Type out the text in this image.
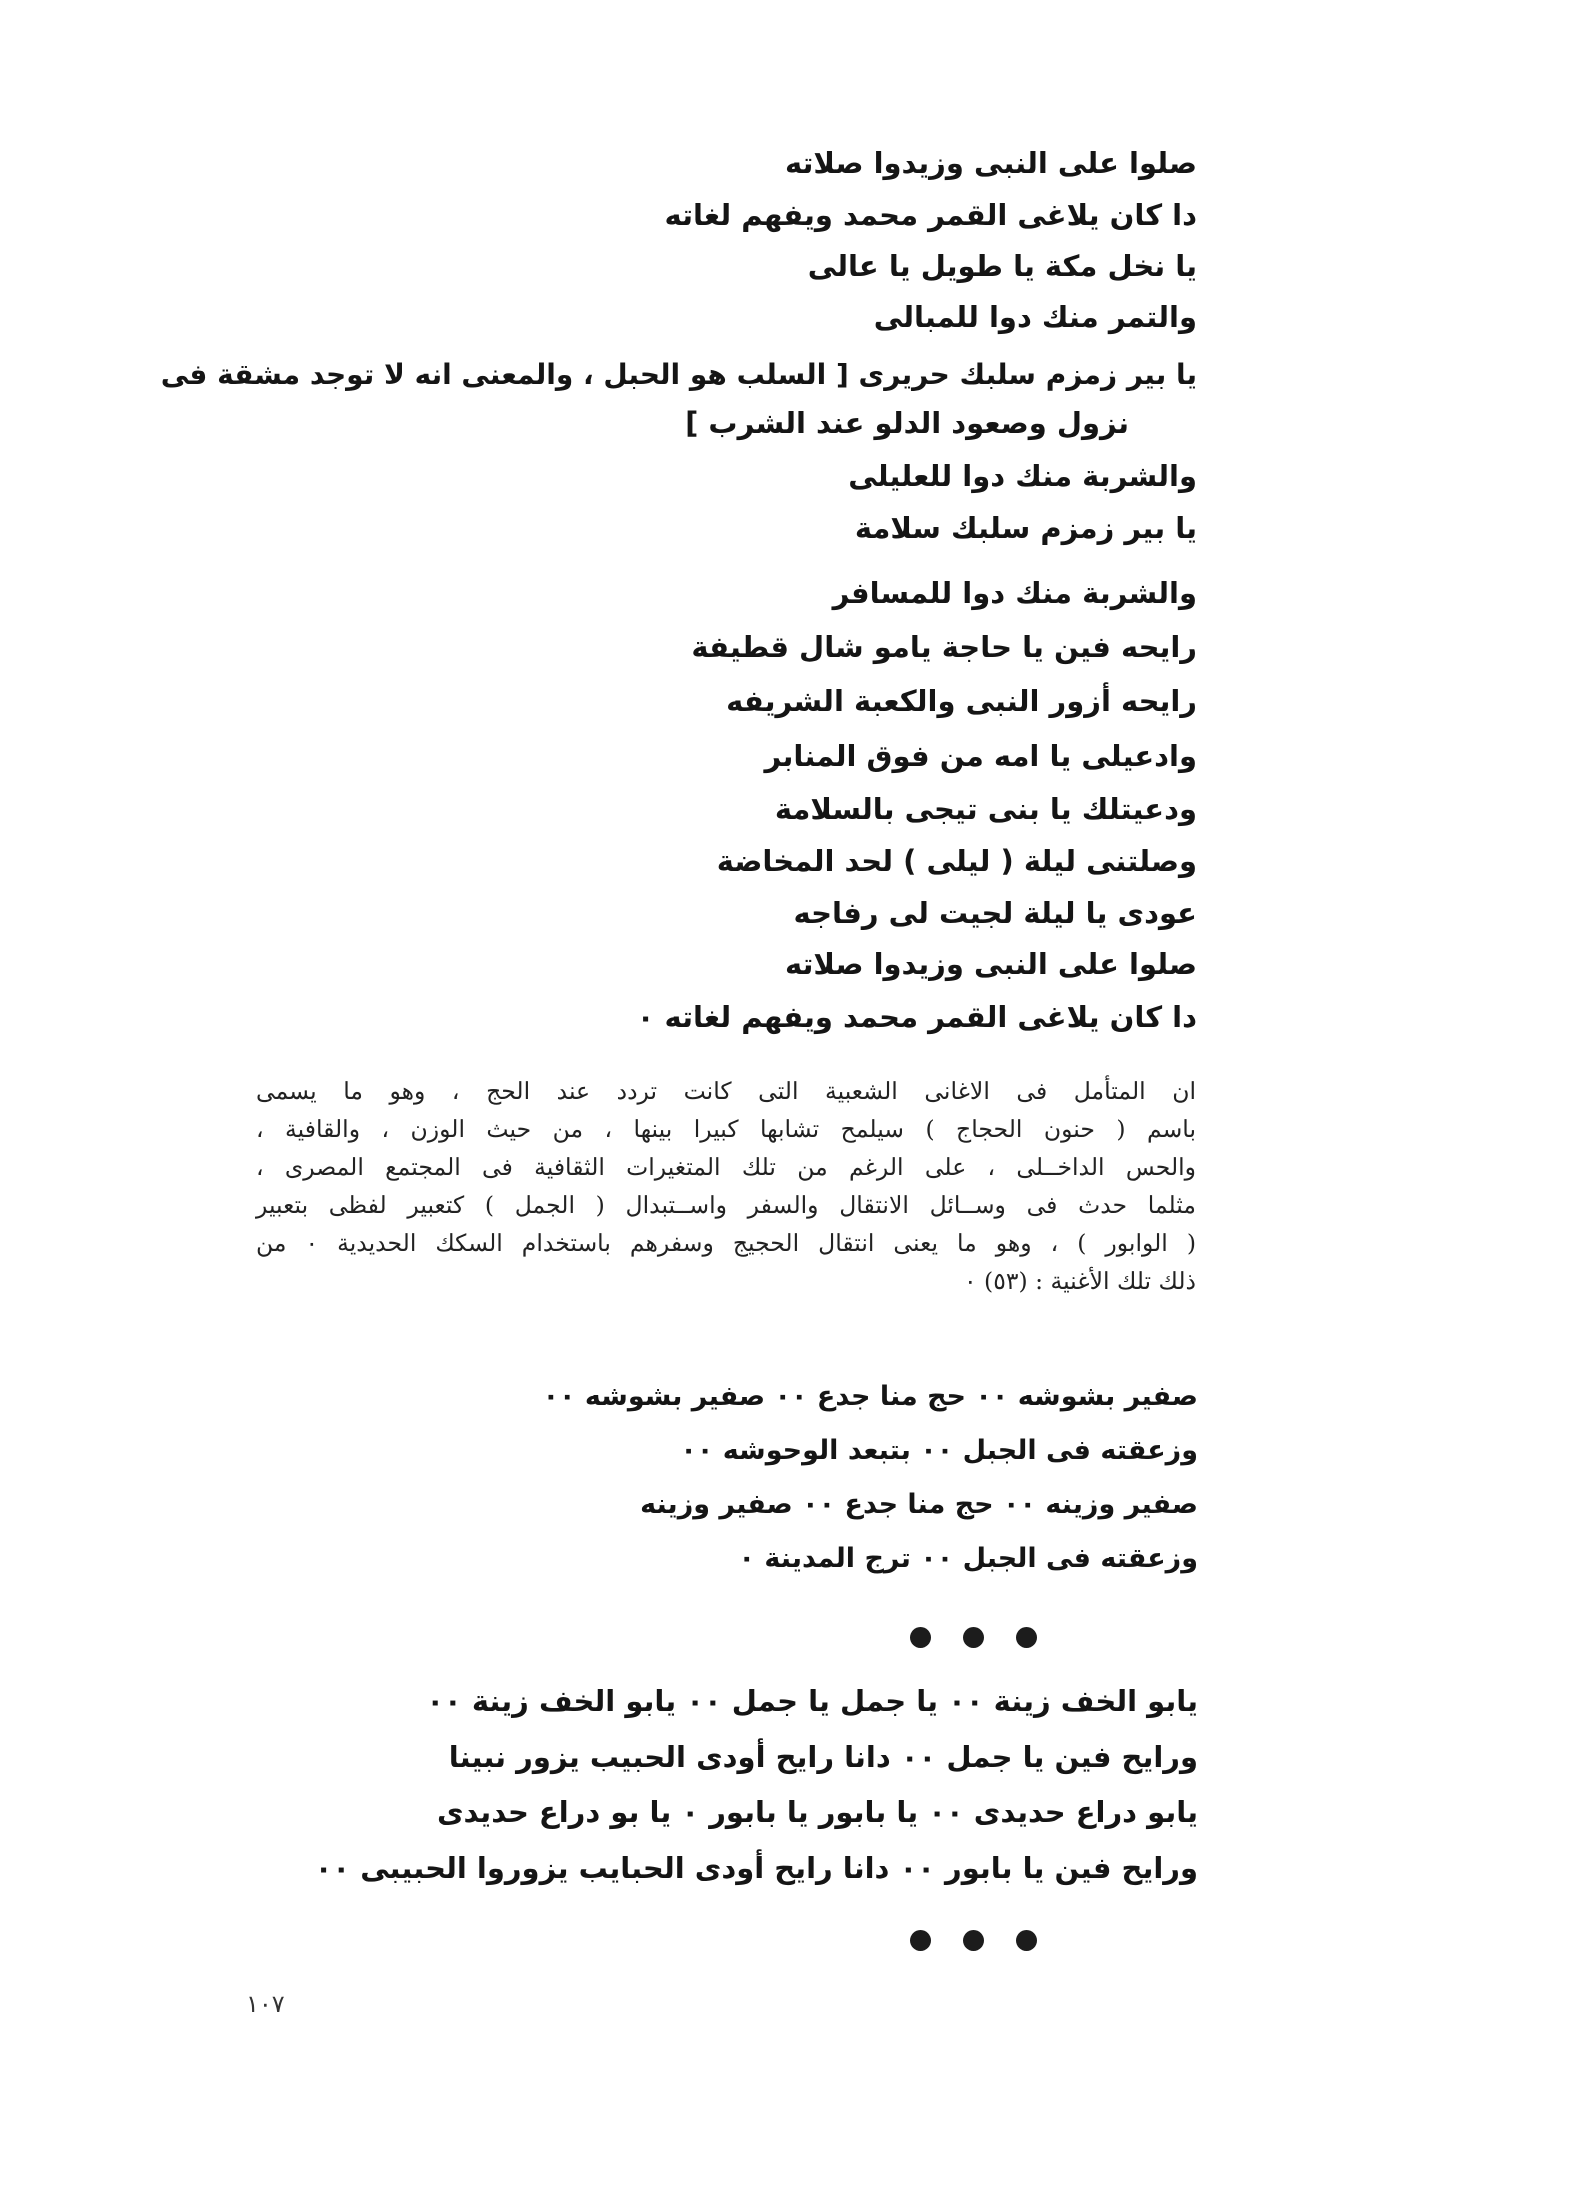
صلوا على النبى وزيدوا صلاته

دا كان يلاغى القمر محمد ويفهم لغاته

يا نخل مكة يا طويل يا عالى

والتمر منك دوا للمبالى

يا بير زمزم سلبك حريرى [ السلب هو الحبل ، والمعنى انه لا توجد مشقة فى

نزول وصعود الدلو عند الشرب ]

والشربة منك دوا للعليلى

يا بير زمزم سلبك سلامة

والشربة منك دوا للمسافر

رايحه فين يا حاجة يامو شال قطيفة

رايحه أزور النبى والكعبة الشريفه

وادعيلى يا امه من فوق المنابر

ودعيتلك يا بنى تيجى بالسلامة

وصلتنى ليلة ( ليلى ) لحد المخاضة

عودى يا ليلة لجيت لى رفاجه

صلوا على النبى وزيدوا صلاته

دا كان يلاغى القمر محمد ويفهم لغاته ٠

ان المتأمل فى الاغانى الشعبية التى كانت تردد عند الحج ، وهو ما يسمى

باسم ( حنون الحجاج ) سيلمح تشابها كبيرا بينها ، من حيث الوزن ، والقافية ،

والحس الداخــلى ، على الرغم من تلك المتغيرات الثقافية فى المجتمع المصرى ،

مثلما حدث فى وســائل الانتقال والسفر واســتبدال ( الجمل ) كتعبير لفظى بتعبير

( الوابور ) ، وهو ما يعنى انتقال الحجيج وسفرهم باستخدام السكك الحديدية ٠ من

ذلك تلك الأغنية : (٥٣) ٠

صفير بشوشه ٠٠ حج منا جدع ٠٠ صفير بشوشه ٠٠

وزعقته فى الجبل ٠٠ بتبعد الوحوشه ٠٠

صفير وزينه ٠٠ حج منا جدع ٠٠ صفير وزينه

وزعقته فى الجبل ٠٠ ترج المدينة ٠

يابو الخف زينة ٠٠ يا جمل يا جمل ٠٠ يابو الخف زينة ٠٠

ورايح فين يا جمل ٠٠ دانا رايح أودى الحبيب يزور نبينا

يابو دراع حديدى ٠٠ يا بابور يا بابور ٠ يا بو دراع حديدى

ورايح فين يا بابور ٠٠ دانا رايح أودى الحبايب يزوروا الحبيبى ٠٠

١٠٧
